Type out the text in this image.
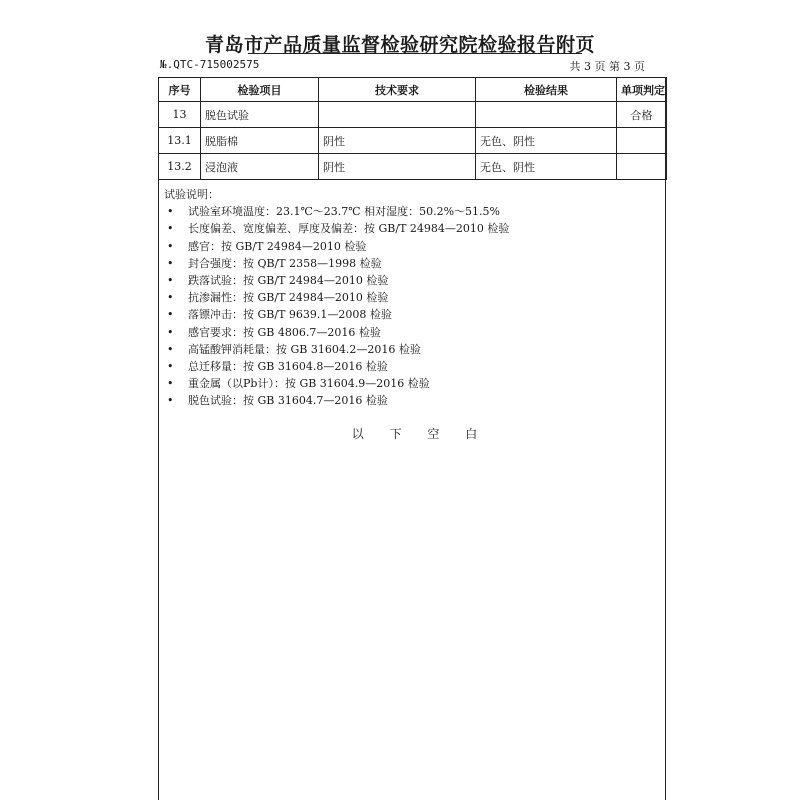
青岛市产品质量监督检验研究院检验报告附页
№.QTC-715002575	共 3 页 第 3 页
序号	检验项目	技术要求	检验结果	单项判定
13	脱色试验			合格
13.1	脱脂棉	阴性	无色、阴性	
13.2	浸泡液	阴性	无色、阴性	
试验说明：
• 试验室环境温度：23.1℃～23.7℃ 相对湿度：50.2%～51.5%
• 长度偏差、宽度偏差、厚度及偏差：按 GB/T 24984—2010 检验
• 感官：按 GB/T 24984—2010 检验
• 封合强度：按 QB/T 2358—1998 检验
• 跌落试验：按 GB/T 24984—2010 检验
• 抗渗漏性：按 GB/T 24984—2010 检验
• 落镖冲击：按 GB/T 9639.1—2008 检验
• 感官要求：按 GB 4806.7—2016 检验
• 高锰酸钾消耗量：按 GB 31604.2—2016 检验
• 总迁移量：按 GB 31604.8—2016 检验
• 重金属（以Pb计）：按 GB 31604.9—2016 检验
• 脱色试验：按 GB 31604.7—2016 检验
以 下 空 白
